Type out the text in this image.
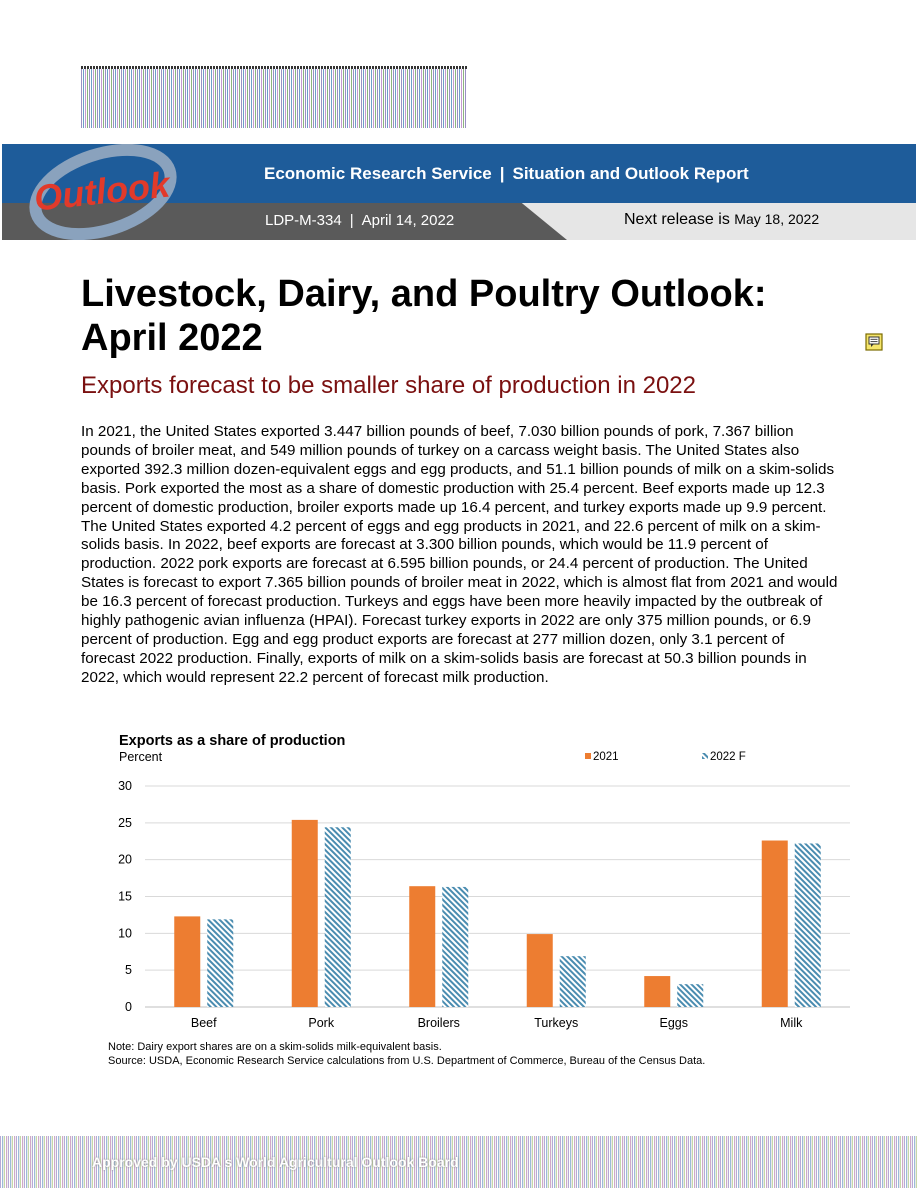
Outlook	Economic Research Service | Situation and Outlook Report
LDP-M-334 | April 14, 2022	Next release is May 18, 2022
Livestock, Dairy, and Poultry Outlook:
April 2022
Exports forecast to be smaller share of production in 2022

In 2021, the United States exported 3.447 billion pounds of beef, 7.030 billion pounds of pork, 7.367 billion pounds of broiler meat, and 549 million pounds of turkey on a carcass weight basis. The United States also exported 392.3 million dozen-equivalent eggs and egg products, and 51.1 billion pounds of milk on a skim-solids basis. Pork exported the most as a share of domestic production with 25.4 percent. Beef exports made up 12.3 percent of domestic production, broiler exports made up 16.4 percent, and turkey exports made up 9.9 percent. The United States exported 4.2 percent of eggs and egg products in 2021, and 22.6 percent of milk on a skim-solids basis. In 2022, beef exports are forecast at 3.300 billion pounds, which would be 11.9 percent of production. 2022 pork exports are forecast at 6.595 billion pounds, or 24.4 percent of production. The United States is forecast to export 7.365 billion pounds of broiler meat in 2022, which is almost flat from 2021 and would be 16.3 percent of forecast production. Turkeys and eggs have been more heavily impacted by the outbreak of highly pathogenic avian influenza (HPAI). Forecast turkey exports in 2022 are only 375 million pounds, or 6.9 percent of production. Egg and egg product exports are forecast at 277 million dozen, only 3.1 percent of forecast 2022 production. Finally, exports of milk on a skim-solids basis are forecast at 50.3 billion pounds in 2022, which would represent 22.2 percent of forecast milk production.

Exports as a share of production
Percent	2021	2022 F
0
5
10
15
20
25
30
Beef	Pork	Broilers	Turkeys	Eggs	Milk
Note: Dairy export shares are on a skim-solids milk-equivalent basis.
Source: USDA, Economic Research Service calculations from U.S. Department of Commerce, Bureau of the Census Data.
Approved by USDA s World Agricultural Outlook Board
